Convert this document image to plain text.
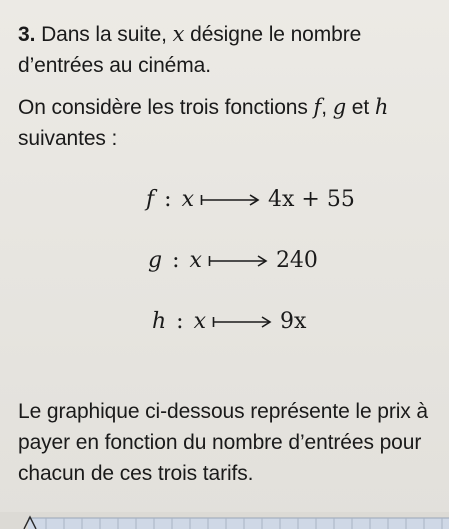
3. Dans la suite, x désigne le nombre d’entrées au cinéma.
On considère les trois fonctions f, g et h suivantes :
f : x	4x + 55
g : x	240
h : x	9x
Le graphique ci-dessous représente le prix à payer en fonction du nombre d’entrées pour chacun de ces trois tarifs.
